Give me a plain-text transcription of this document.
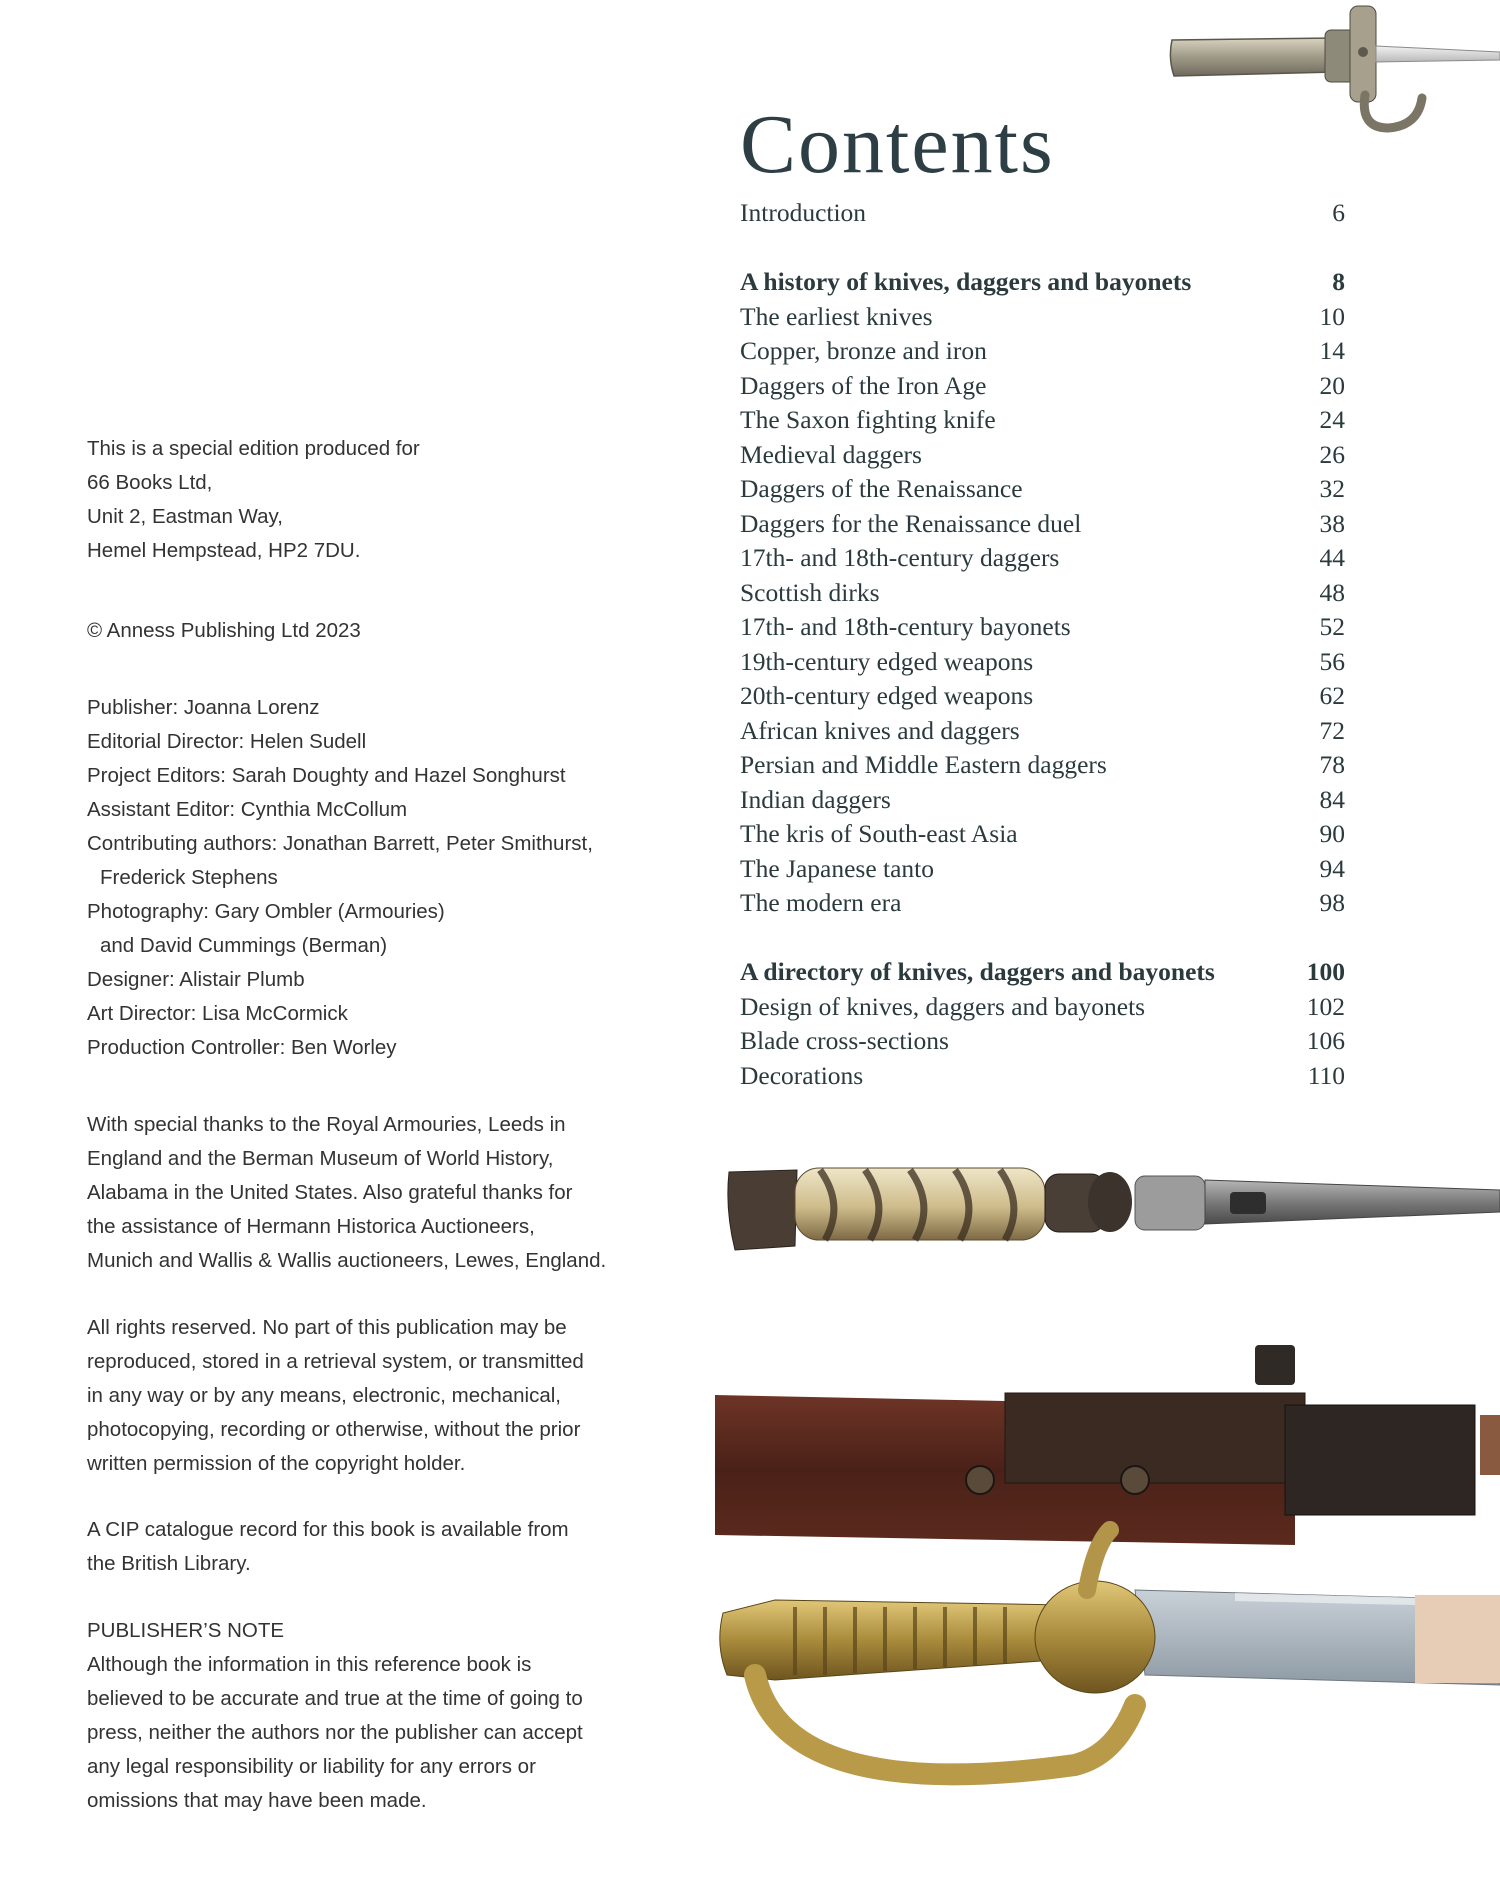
This is a special edition produced for

66 Books Ltd,

Unit 2, Eastman Way,

Hemel Hempstead, HP2 7DU.

© Anness Publishing Ltd 2023

Publisher: Joanna Lorenz

Editorial Director: Helen Sudell

Project Editors: Sarah Doughty and Hazel Songhurst

Assistant Editor: Cynthia McCollum

Contributing authors: Jonathan Barrett, Peter Smithurst,

Frederick Stephens

Photography: Gary Ombler (Armouries)

and David Cummings (Berman)

Designer: Alistair Plumb

Art Director: Lisa McCormick

Production Controller: Ben Worley

With special thanks to the Royal Armouries, Leeds in

England and the Berman Museum of World History,

Alabama in the United States. Also grateful thanks for

the assistance of Hermann Historica Auctioneers,

Munich and Wallis & Wallis auctioneers, Lewes, England.

All rights reserved. No part of this publication may be

reproduced, stored in a retrieval system, or transmitted

in any way or by any means, electronic, mechanical,

photocopying, recording or otherwise, without the prior

written permission of the copyright holder.

A CIP catalogue record for this book is available from

the British Library.

PUBLISHER’S NOTE

Although the information in this reference book is

believed to be accurate and true at the time of going to

press, neither the authors nor the publisher can accept

any legal responsibility or liability for any errors or

omissions that may have been made.

Contents
Introduction	6
A history of knives, daggers and bayonets	8
The earliest knives	10
Copper, bronze and iron	14
Daggers of the Iron Age	20
The Saxon fighting knife	24
Medieval daggers	26
Daggers of the Renaissance	32
Daggers for the Renaissance duel	38
17th- and 18th-century daggers	44
Scottish dirks	48
17th- and 18th-century bayonets	52
19th-century edged weapons	56
20th-century edged weapons	62
African knives and daggers	72
Persian and Middle Eastern daggers	78
Indian daggers	84
The kris of South-east Asia	90
The Japanese tanto	94
The modern era	98
A directory of knives, daggers and bayonets	100
Design of knives, daggers and bayonets	102
Blade cross-sections	106
Decorations	110
